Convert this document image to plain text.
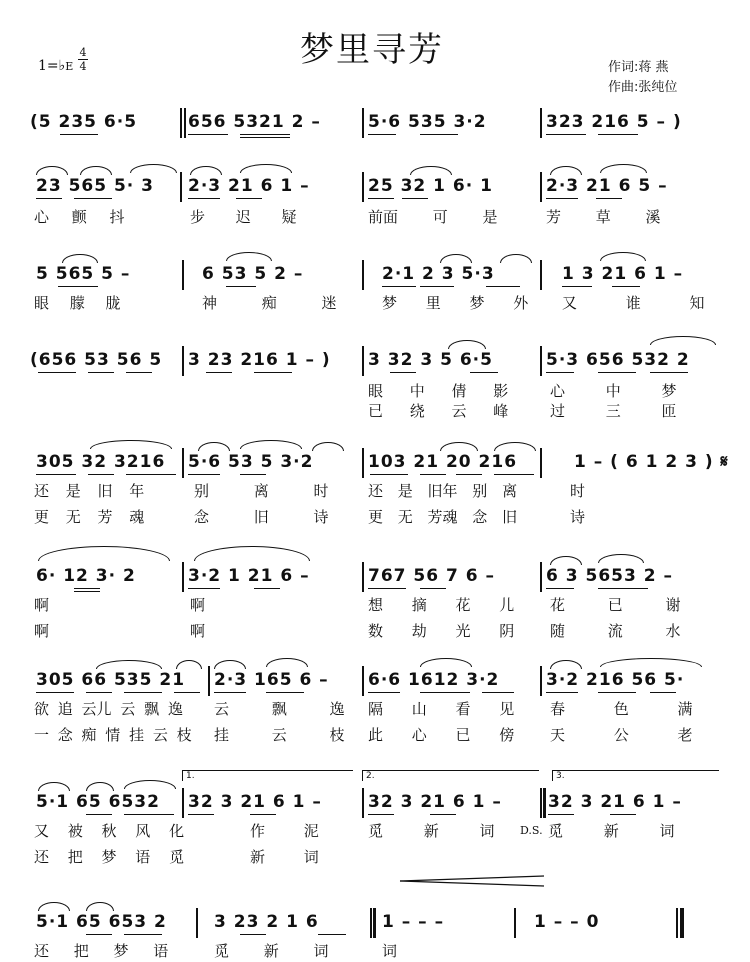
梦里寻芳
1=♭E
4
4	作词:蒋 燕
作曲:张纯位
(5 235 6·5	656 5321 2 –	5·6 535 3·2	323 216 5 – )
23 565 5· 3 2·3 21 6 1 –	25 32 1 6· 1	2·3 21 6 5 –
心 颤 抖	步 迟 疑	前面 可 是	芳 草 溪
5 565 5 –	6 53 5 2 –	2·1 2 3 5·3	1 3 21 6 1 –
眼 朦 胧	神 痴 迷	梦 里 梦 外 又 谁 知
(656 53 56 5 3 23 216 1 – ) 3 32 3 5 6·5	5·3 656 532 2
眼 中 倩 影	心 中 梦
已 绕 云 峰	过 三 匝
305 32 3216 5·6 53 5 3·2	103 21 20 216	1 – ( 6 1 2 3 ) 𝄋
还 是 旧 年	别 离 时	还 是 旧年 别 离	时
更 无 芳 魂	念 旧 诗	更 无 芳魂 念 旧	诗
6· 12 3· 2	3·2 1 21 6 –	767 56 7 6 –	6 3 5653 2 –
啊	啊	想 摘 花 儿 花 已 谢
啊	啊	数 劫 光 阴 随 流 水
305 66 535 21 2·3 165 6 – 6·6 1612 3·2	3·2 216 56 5·
欲 追 云儿 云 飘 逸 云 飘 逸 隔 山 看 见 春 色 满
一 念 痴 情 挂 云 枝 挂 云 枝 此 心 已 傍 天 公 老
1.	2.	3.
5·1 65 6532 32 3 21 6 1 –	32 3 21 6 1 –	32 3 21 6 1 –
又 被 秋 风 化	作 泥	觅 新 词 D.S. 觅 新 词
还 把 梦 语 觅	新 词
5·1 65 653 2	3 23 2 1 6	1 – – –	1 – – 0
还 把 梦 语	觅 新 词	词
